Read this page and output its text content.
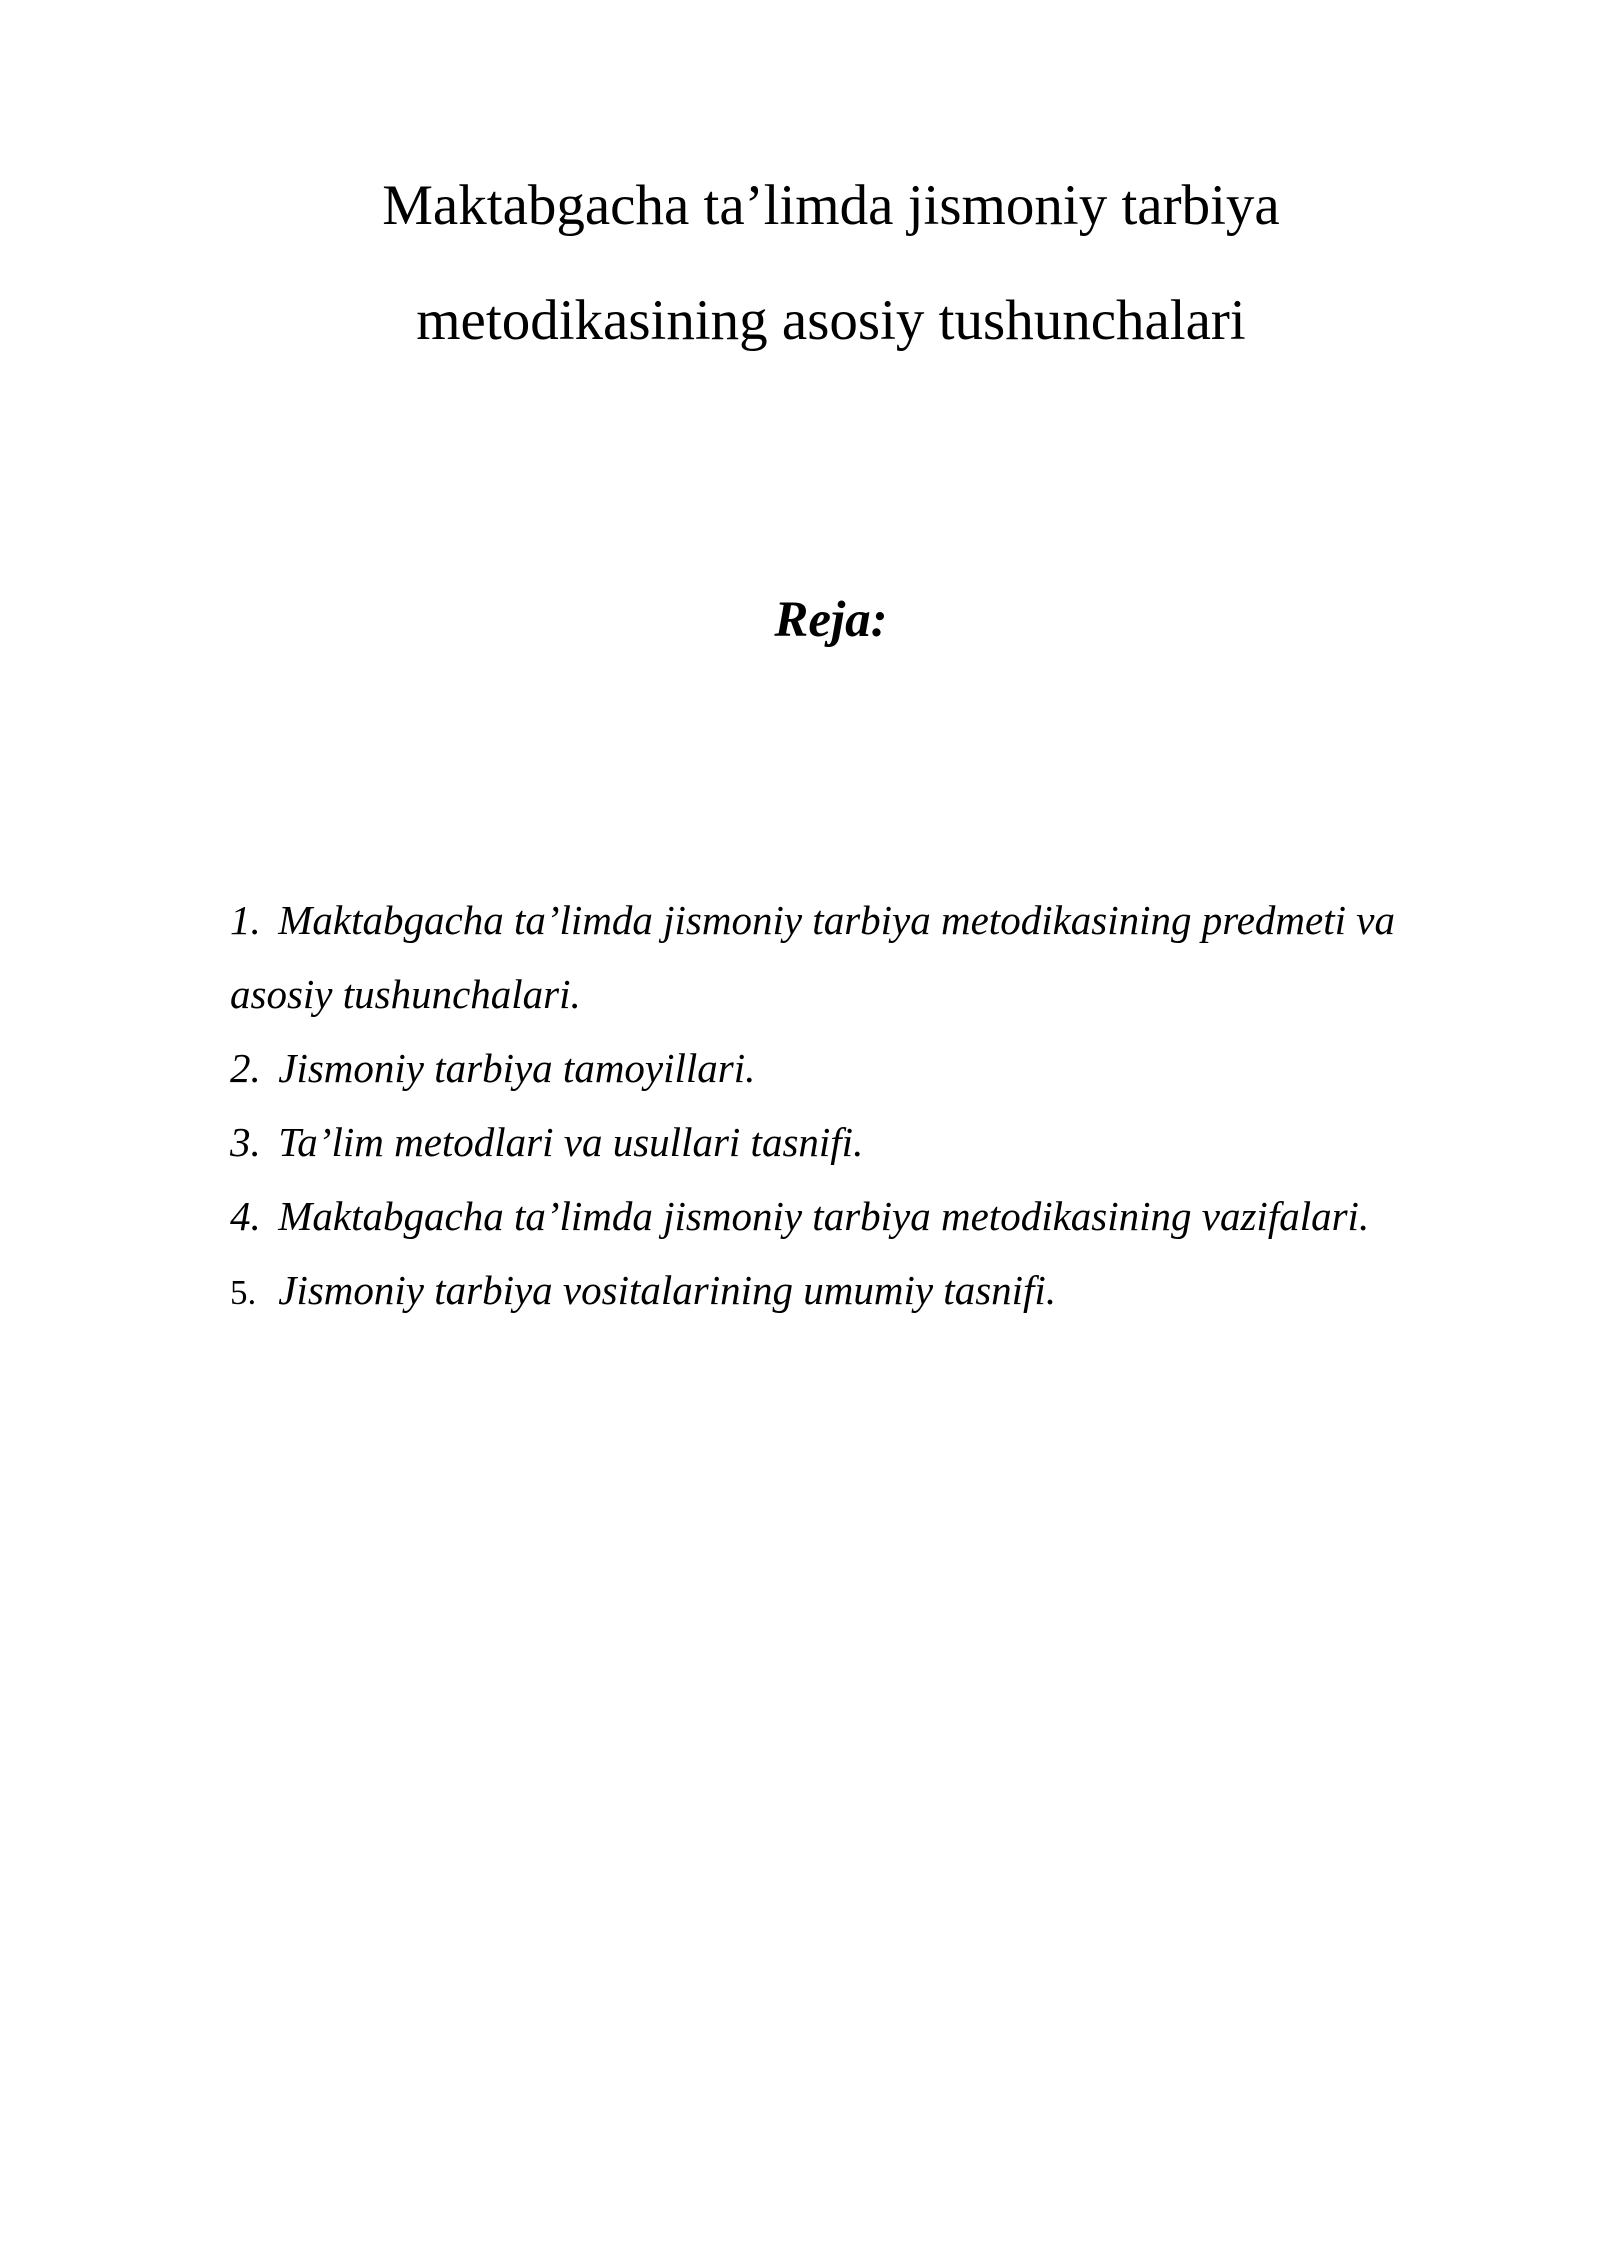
Maktabgacha ta’limda jismoniy tarbiya
metodikasining asosiy tushunchalari
Reja:
1. Maktabgacha ta’limda jismoniy tarbiya metodikasining predmeti va
asosiy tushunchalari.
2. Jismoniy tarbiya tamoyillari.
3. Ta’lim metodlari va usullari tasnifi.
4. Maktabgacha ta’limda jismoniy tarbiya metodikasining vazifalari.
5. Jismoniy tarbiya vositalarining umumiy tasnifi.
